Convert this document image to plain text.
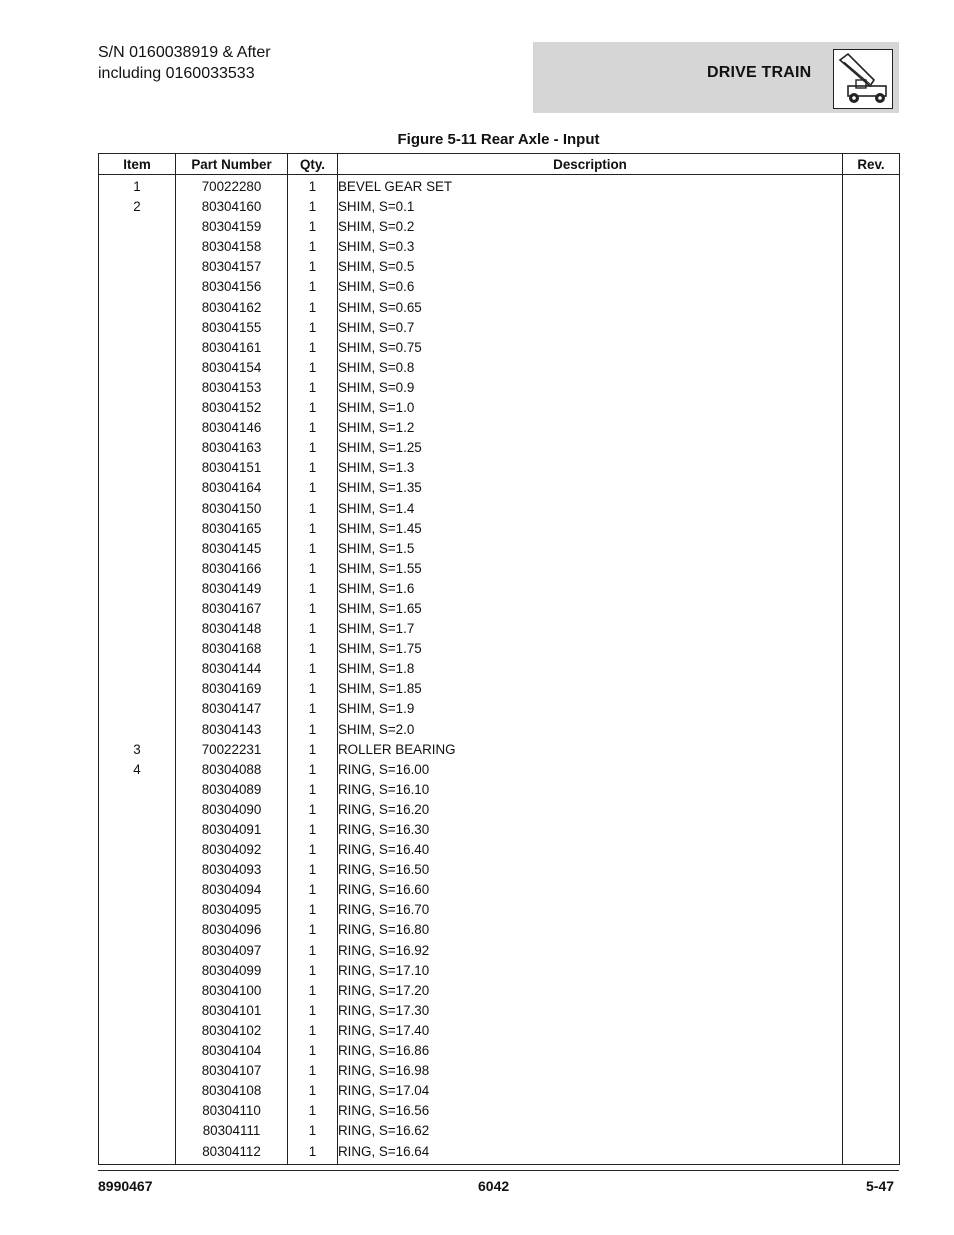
S/N 0160038919 & After
including 0160033533	DRIVE TRAIN
Figure 5-11 Rear Axle - Input
Item	Part Number	Qty.	Description	Rev.
1	70022280	1	BEVEL GEAR SET	
2	80304160	1	SHIM, S=0.1	
	80304159	1	SHIM, S=0.2	
	80304158	1	SHIM, S=0.3	
	80304157	1	SHIM, S=0.5	
	80304156	1	SHIM, S=0.6	
	80304162	1	SHIM, S=0.65	
	80304155	1	SHIM, S=0.7	
	80304161	1	SHIM, S=0.75	
	80304154	1	SHIM, S=0.8	
	80304153	1	SHIM, S=0.9	
	80304152	1	SHIM, S=1.0	
	80304146	1	SHIM, S=1.2	
	80304163	1	SHIM, S=1.25	
	80304151	1	SHIM, S=1.3	
	80304164	1	SHIM, S=1.35	
	80304150	1	SHIM, S=1.4	
	80304165	1	SHIM, S=1.45	
	80304145	1	SHIM, S=1.5	
	80304166	1	SHIM, S=1.55	
	80304149	1	SHIM, S=1.6	
	80304167	1	SHIM, S=1.65	
	80304148	1	SHIM, S=1.7	
	80304168	1	SHIM, S=1.75	
	80304144	1	SHIM, S=1.8	
	80304169	1	SHIM, S=1.85	
	80304147	1	SHIM, S=1.9	
	80304143	1	SHIM, S=2.0	
3	70022231	1	ROLLER BEARING	
4	80304088	1	RING, S=16.00	
	80304089	1	RING, S=16.10	
	80304090	1	RING, S=16.20	
	80304091	1	RING, S=16.30	
	80304092	1	RING, S=16.40	
	80304093	1	RING, S=16.50	
	80304094	1	RING, S=16.60	
	80304095	1	RING, S=16.70	
	80304096	1	RING, S=16.80	
	80304097	1	RING, S=16.92	
	80304099	1	RING, S=17.10	
	80304100	1	RING, S=17.20	
	80304101	1	RING, S=17.30	
	80304102	1	RING, S=17.40	
	80304104	1	RING, S=16.86	
	80304107	1	RING, S=16.98	
	80304108	1	RING, S=17.04	
	80304110	1	RING, S=16.56	
	80304111	1	RING, S=16.62	
	80304112	1	RING, S=16.64	
8990467	6042	5-47
